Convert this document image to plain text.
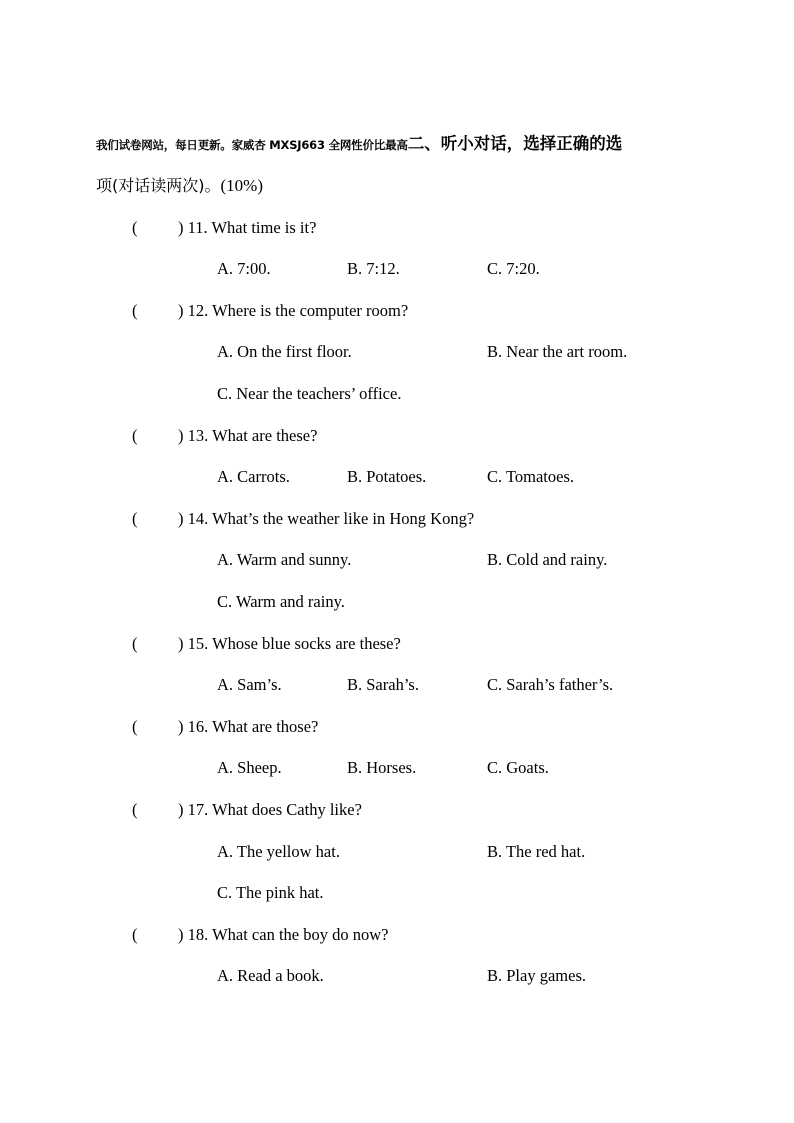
我们试卷网站，每日更新。家威杏 MXSJ663 全网性价比最高二、听小对话，选择正确的选
项(对话读两次)。(10%)
( ) 11. What time is it?
A. 7:00.	B. 7:12.	C. 7:20.
( ) 12. Where is the computer room?
A. On the first floor.	B. Near the art room.
C. Near the teachers’ office.
( ) 13. What are these?
A. Carrots.	B. Potatoes.	C. Tomatoes.
( ) 14. What’s the weather like in Hong Kong?
A. Warm and sunny.	B. Cold and rainy.
C. Warm and rainy.
( ) 15. Whose blue socks are these?
A. Sam’s.	B. Sarah’s.	C. Sarah’s father’s.
( ) 16. What are those?
A. Sheep.	B. Horses.	C. Goats.
( ) 17. What does Cathy like?
A. The yellow hat.	B. The red hat.
C. The pink hat.
( ) 18. What can the boy do now?
A. Read a book.	B. Play games.
